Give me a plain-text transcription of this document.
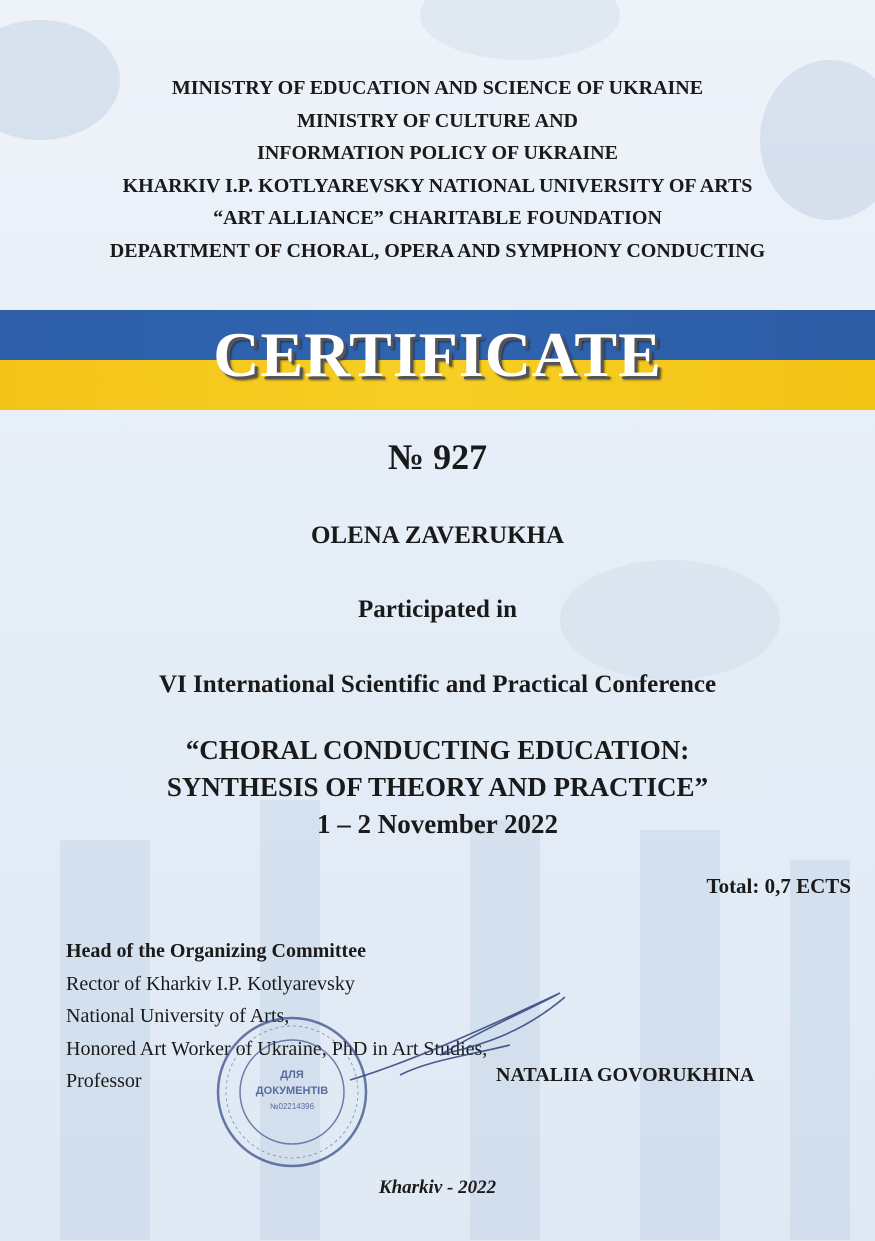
MINISTRY OF EDUCATION AND SCIENCE OF UKRAINE
MINISTRY OF CULTURE AND
INFORMATION POLICY OF UKRAINE
KHARKIV I.P. KOTLYAREVSKY NATIONAL UNIVERSITY OF ARTS
“ART ALLIANCE” CHARITABLE FOUNDATION
DEPARTMENT OF CHORAL, OPERA AND SYMPHONY CONDUCTING
CERTIFICATE
№ 927
OLENA ZAVERUKHA
Participated in
VI International Scientific and Practical Conference
“CHORAL CONDUCTING EDUCATION:
SYNTHESIS OF THEORY AND PRACTICE”
1 – 2 November 2022
Total: 0,7 ECTS
Head of the Organizing Committee
Rector of Kharkiv I.P. Kotlyarevsky
National University of Arts,
Honored Art Worker of Ukraine, PhD in Art Studies,
Professor	ДЛЯ
ДОКУМЕНТІВ
№02214396
NATALIIA GOVORUKHINA
Kharkiv - 2022
